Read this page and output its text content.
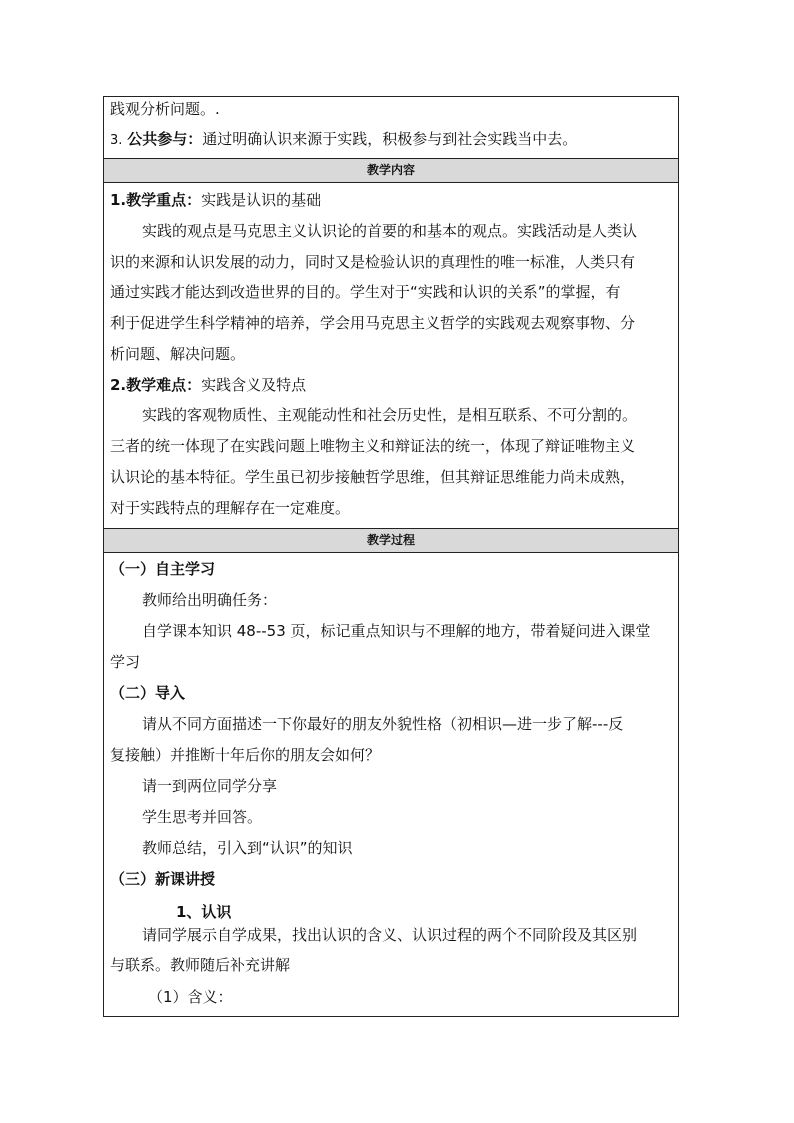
践观分析问题。.
3. 公共参与：通过明确认识来源于实践，积极参与到社会实践当中去。
教学内容
1.教学重点：实践是认识的基础
实践的观点是马克思主义认识论的首要的和基本的观点。实践活动是人类认
识的来源和认识发展的动力，同时又是检验认识的真理性的唯一标准，人类只有
通过实践才能达到改造世界的目的。学生对于“实践和认识的关系”的掌握，有
利于促进学生科学精神的培养，学会用马克思主义哲学的实践观去观察事物、分
析问题、解决问题。
2.教学难点：实践含义及特点
实践的客观物质性、主观能动性和社会历史性，是相互联系、不可分割的。
三者的统一体现了在实践问题上唯物主义和辩证法的统一，体现了辩证唯物主义
认识论的基本特征。学生虽已初步接触哲学思维，但其辩证思维能力尚未成熟，
对于实践特点的理解存在一定难度。
教学过程
（一）自主学习
教师给出明确任务：
自学课本知识 48--53 页，标记重点知识与不理解的地方，带着疑问进入课堂
学习
（二）导入
请从不同方面描述一下你最好的朋友外貌性格（初相识—进一步了解---反
复接触）并推断十年后你的朋友会如何？
请一到两位同学分享
学生思考并回答。
教师总结，引入到“认识”的知识
（三）新课讲授
1、认识
请同学展示自学成果，找出认识的含义、认识过程的两个不同阶段及其区别
与联系。教师随后补充讲解
（1）含义：
